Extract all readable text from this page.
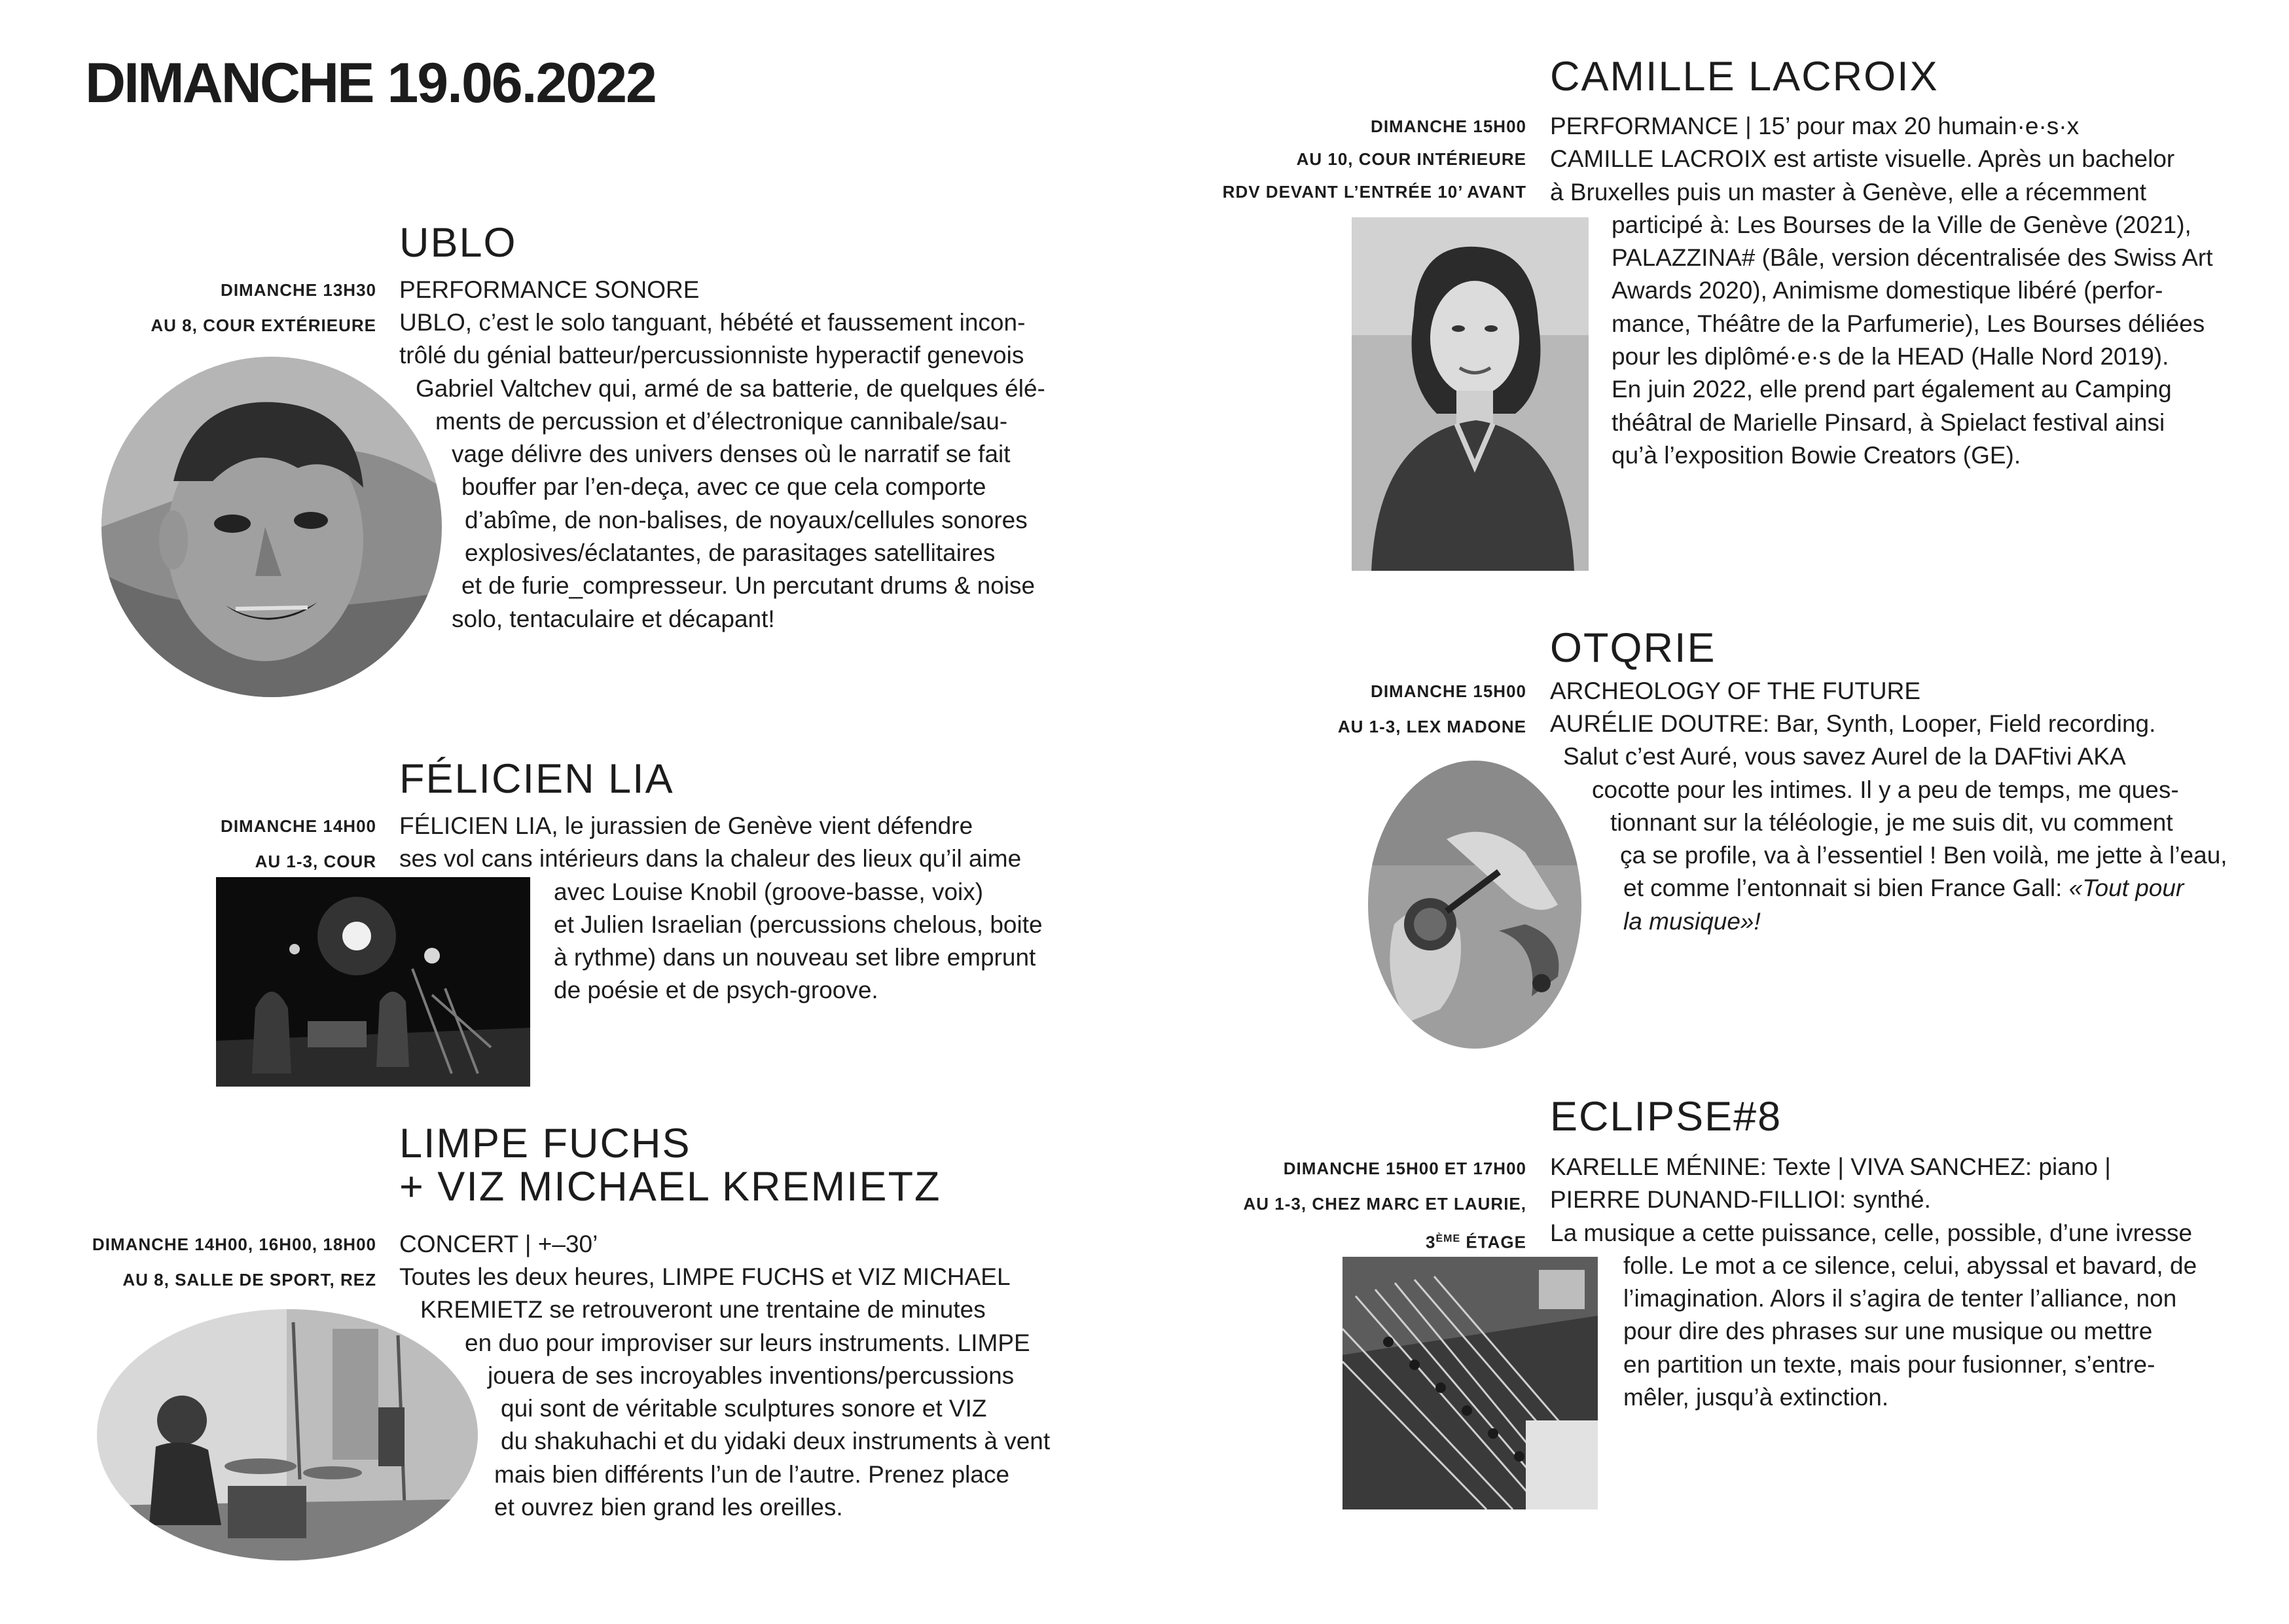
DIMANCHE 19.06.2022
UBLO
DIMANCHE 13H30
AU 8, COUR EXTÉRIEURE

PERFORMANCE SONORE

UBLO, c’est le solo tanguant, hébété et faussement incon-
trôlé du génial batteur/percussionniste hyperactif genevois
Gabriel Valtchev qui, armé de sa batterie, de quelques élé-
ments de percussion et d’électronique cannibale/sau-
vage délivre des univers denses où le narratif se fait
bouffer par l’en-deça, avec ce que cela comporte
d’abîme, de non-balises, de noyaux/cellules sonores
explosives/éclatantes, de parasitages satellitaires
et de furie_compresseur. Un percutant drums & noise
solo, tentaculaire et décapant!
FÉLICIEN LIA
DIMANCHE 14H00
AU 1-3, COUR
FÉLICIEN LIA, le jurassien de Genève vient défendre
ses vol cans intérieurs dans la chaleur des lieux qu’il aime
avec Louise Knobil (groove-basse, voix)
et Julien Israelian (percussions chelous, boite
à rythme) dans un nouveau set libre emprunt
de poésie et de psych-groove.
LIMPE FUCHS
+ VIZ MICHAEL KREMIETZ
DIMANCHE 14H00, 16H00, 18H00
AU 8, SALLE DE SPORT, REZ

CONCERT | +–30’

Toutes les deux heures, LIMPE FUCHS et VIZ MICHAEL
KREMIETZ se retrouveront une trentaine de minutes
en duo pour improviser sur leurs instruments. LIMPE
jouera de ses incroyables inventions/percussions
qui sont de véritable sculptures sonore et VIZ
du shakuhachi et du yidaki deux instruments à vent
mais bien différents l’un de l’autre. Prenez place
et ouvrez bien grand les oreilles.
CAMILLE LACROIX
DIMANCHE 15H00
AU 10, COUR INTÉRIEURE
RDV DEVANT L’ENTRÉE 10’ AVANT
PERFORMANCE | 15’ pour max 20 humain·e·s·x
CAMILLE LACROIX est artiste visuelle. Après un bachelor
à Bruxelles puis un master à Genève, elle a récemment
participé à: Les Bourses de la Ville de Genève (2021),
PALAZZINA# (Bâle, version décentralisée des Swiss Art
Awards 2020), Animisme domestique libéré (perfor-
mance, Théâtre de la Parfumerie), Les Bourses déliées
pour les diplômé·e·s de la HEAD (Halle Nord 2019).
En juin 2022, elle prend part également au Camping
théâtral de Marielle Pinsard, à Spielact festival ainsi
qu’à l’exposition Bowie Creators (GE).
OTQRIE
DIMANCHE 15H00
AU 1-3, LEX MADONE

ARCHEOLOGY OF THE FUTURE

AURÉLIE DOUTRE: Bar, Synth, Looper, Field recording.
Salut c’est Auré, vous savez Aurel de la DAFtivi AKA
cocotte pour les intimes. Il y a peu de temps, me ques-
tionnant sur la téléologie, je me suis dit, vu comment
ça se profile, va à l’essentiel ! Ben voilà, me jette à l’eau,
et comme l’entonnait si bien France Gall: «Tout pour
la musique»!
ECLIPSE#8
DIMANCHE 15H00 ET 17H00
AU 1-3, CHEZ MARC ET LAURIE,
3ÈME ÉTAGE
KARELLE MÉNINE: Texte | VIVA SANCHEZ: piano |
PIERRE DUNAND-FILLIOI: synthé.
La musique a cette puissance, celle, possible, d’une ivresse
folle. Le mot a ce silence, celui, abyssal et bavard, de
l’imagination. Alors il s’agira de tenter l’alliance, non
pour dire des phrases sur une musique ou mettre
en partition un texte, mais pour fusionner, s’entre-
mêler, jusqu’à extinction.
